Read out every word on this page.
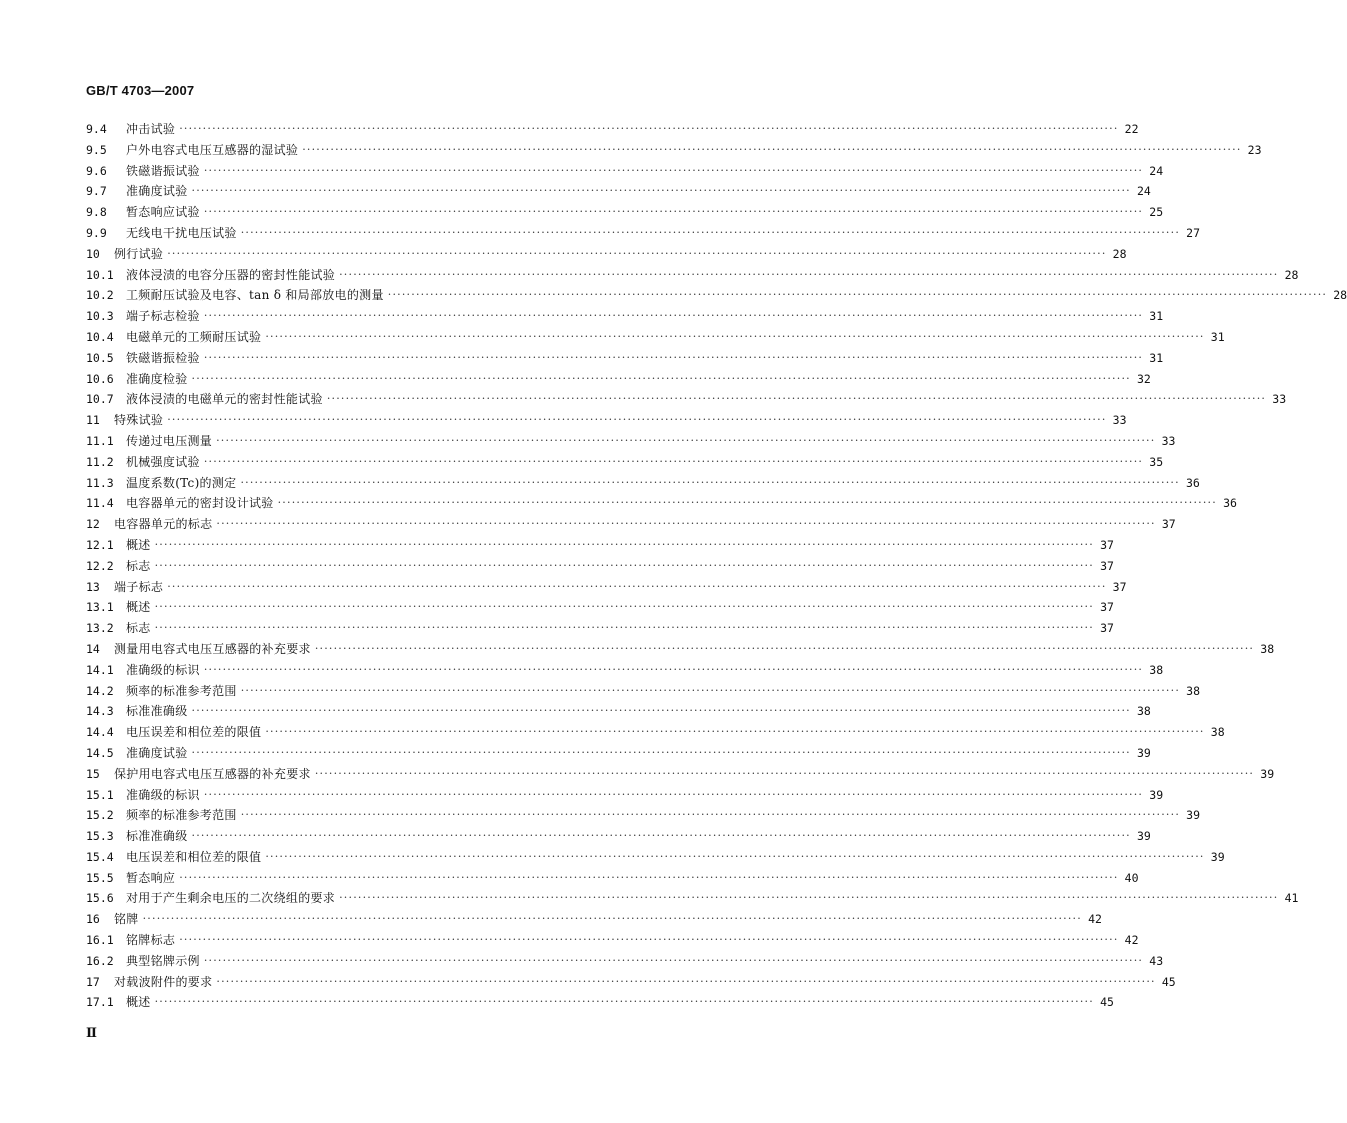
GB/T 4703—2007
9.4	冲击试验 ········································································································································································································ 22
9.5	户外电容式电压互感器的湿试验 ········································································································································································································ 23
9.6	铁磁谐振试验 ········································································································································································································ 24
9.7	准确度试验 ········································································································································································································ 24
9.8	暂态响应试验 ········································································································································································································ 25
9.9	无线电干扰电压试验 ········································································································································································································ 27
10	例行试验 ········································································································································································································ 28
10.1	液体浸渍的电容分压器的密封性能试验 ········································································································································································································ 28
10.2	工频耐压试验及电容、tan δ 和局部放电的测量 ········································································································································································································ 28
10.3	端子标志检验 ········································································································································································································ 31
10.4	电磁单元的工频耐压试验 ········································································································································································································ 31
10.5	铁磁谐振检验 ········································································································································································································ 31
10.6	准确度检验 ········································································································································································································ 32
10.7	液体浸渍的电磁单元的密封性能试验 ········································································································································································································ 33
11	特殊试验 ········································································································································································································ 33
11.1	传递过电压测量 ········································································································································································································ 33
11.2	机械强度试验 ········································································································································································································ 35
11.3	温度系数(Tc)的测定 ········································································································································································································ 36
11.4	电容器单元的密封设计试验 ········································································································································································································ 36
12	电容器单元的标志 ········································································································································································································ 37
12.1	概述 ········································································································································································································ 37
12.2	标志 ········································································································································································································ 37
13	端子标志 ········································································································································································································ 37
13.1	概述 ········································································································································································································ 37
13.2	标志 ········································································································································································································ 37
14	测量用电容式电压互感器的补充要求 ········································································································································································································ 38
14.1	准确级的标识 ········································································································································································································ 38
14.2	频率的标准参考范围 ········································································································································································································ 38
14.3	标准准确级 ········································································································································································································ 38
14.4	电压误差和相位差的限值 ········································································································································································································ 38
14.5	准确度试验 ········································································································································································································ 39
15	保护用电容式电压互感器的补充要求 ········································································································································································································ 39
15.1	准确级的标识 ········································································································································································································ 39
15.2	频率的标准参考范围 ········································································································································································································ 39
15.3	标准准确级 ········································································································································································································ 39
15.4	电压误差和相位差的限值 ········································································································································································································ 39
15.5	暂态响应 ········································································································································································································ 40
15.6	对用于产生剩余电压的二次绕组的要求 ········································································································································································································ 41
16	铭牌 ········································································································································································································ 42
16.1	铭牌标志 ········································································································································································································ 42
16.2	典型铭牌示例 ········································································································································································································ 43
17	对载波附件的要求 ········································································································································································································ 45
17.1	概述 ········································································································································································································ 45
Ⅱ
